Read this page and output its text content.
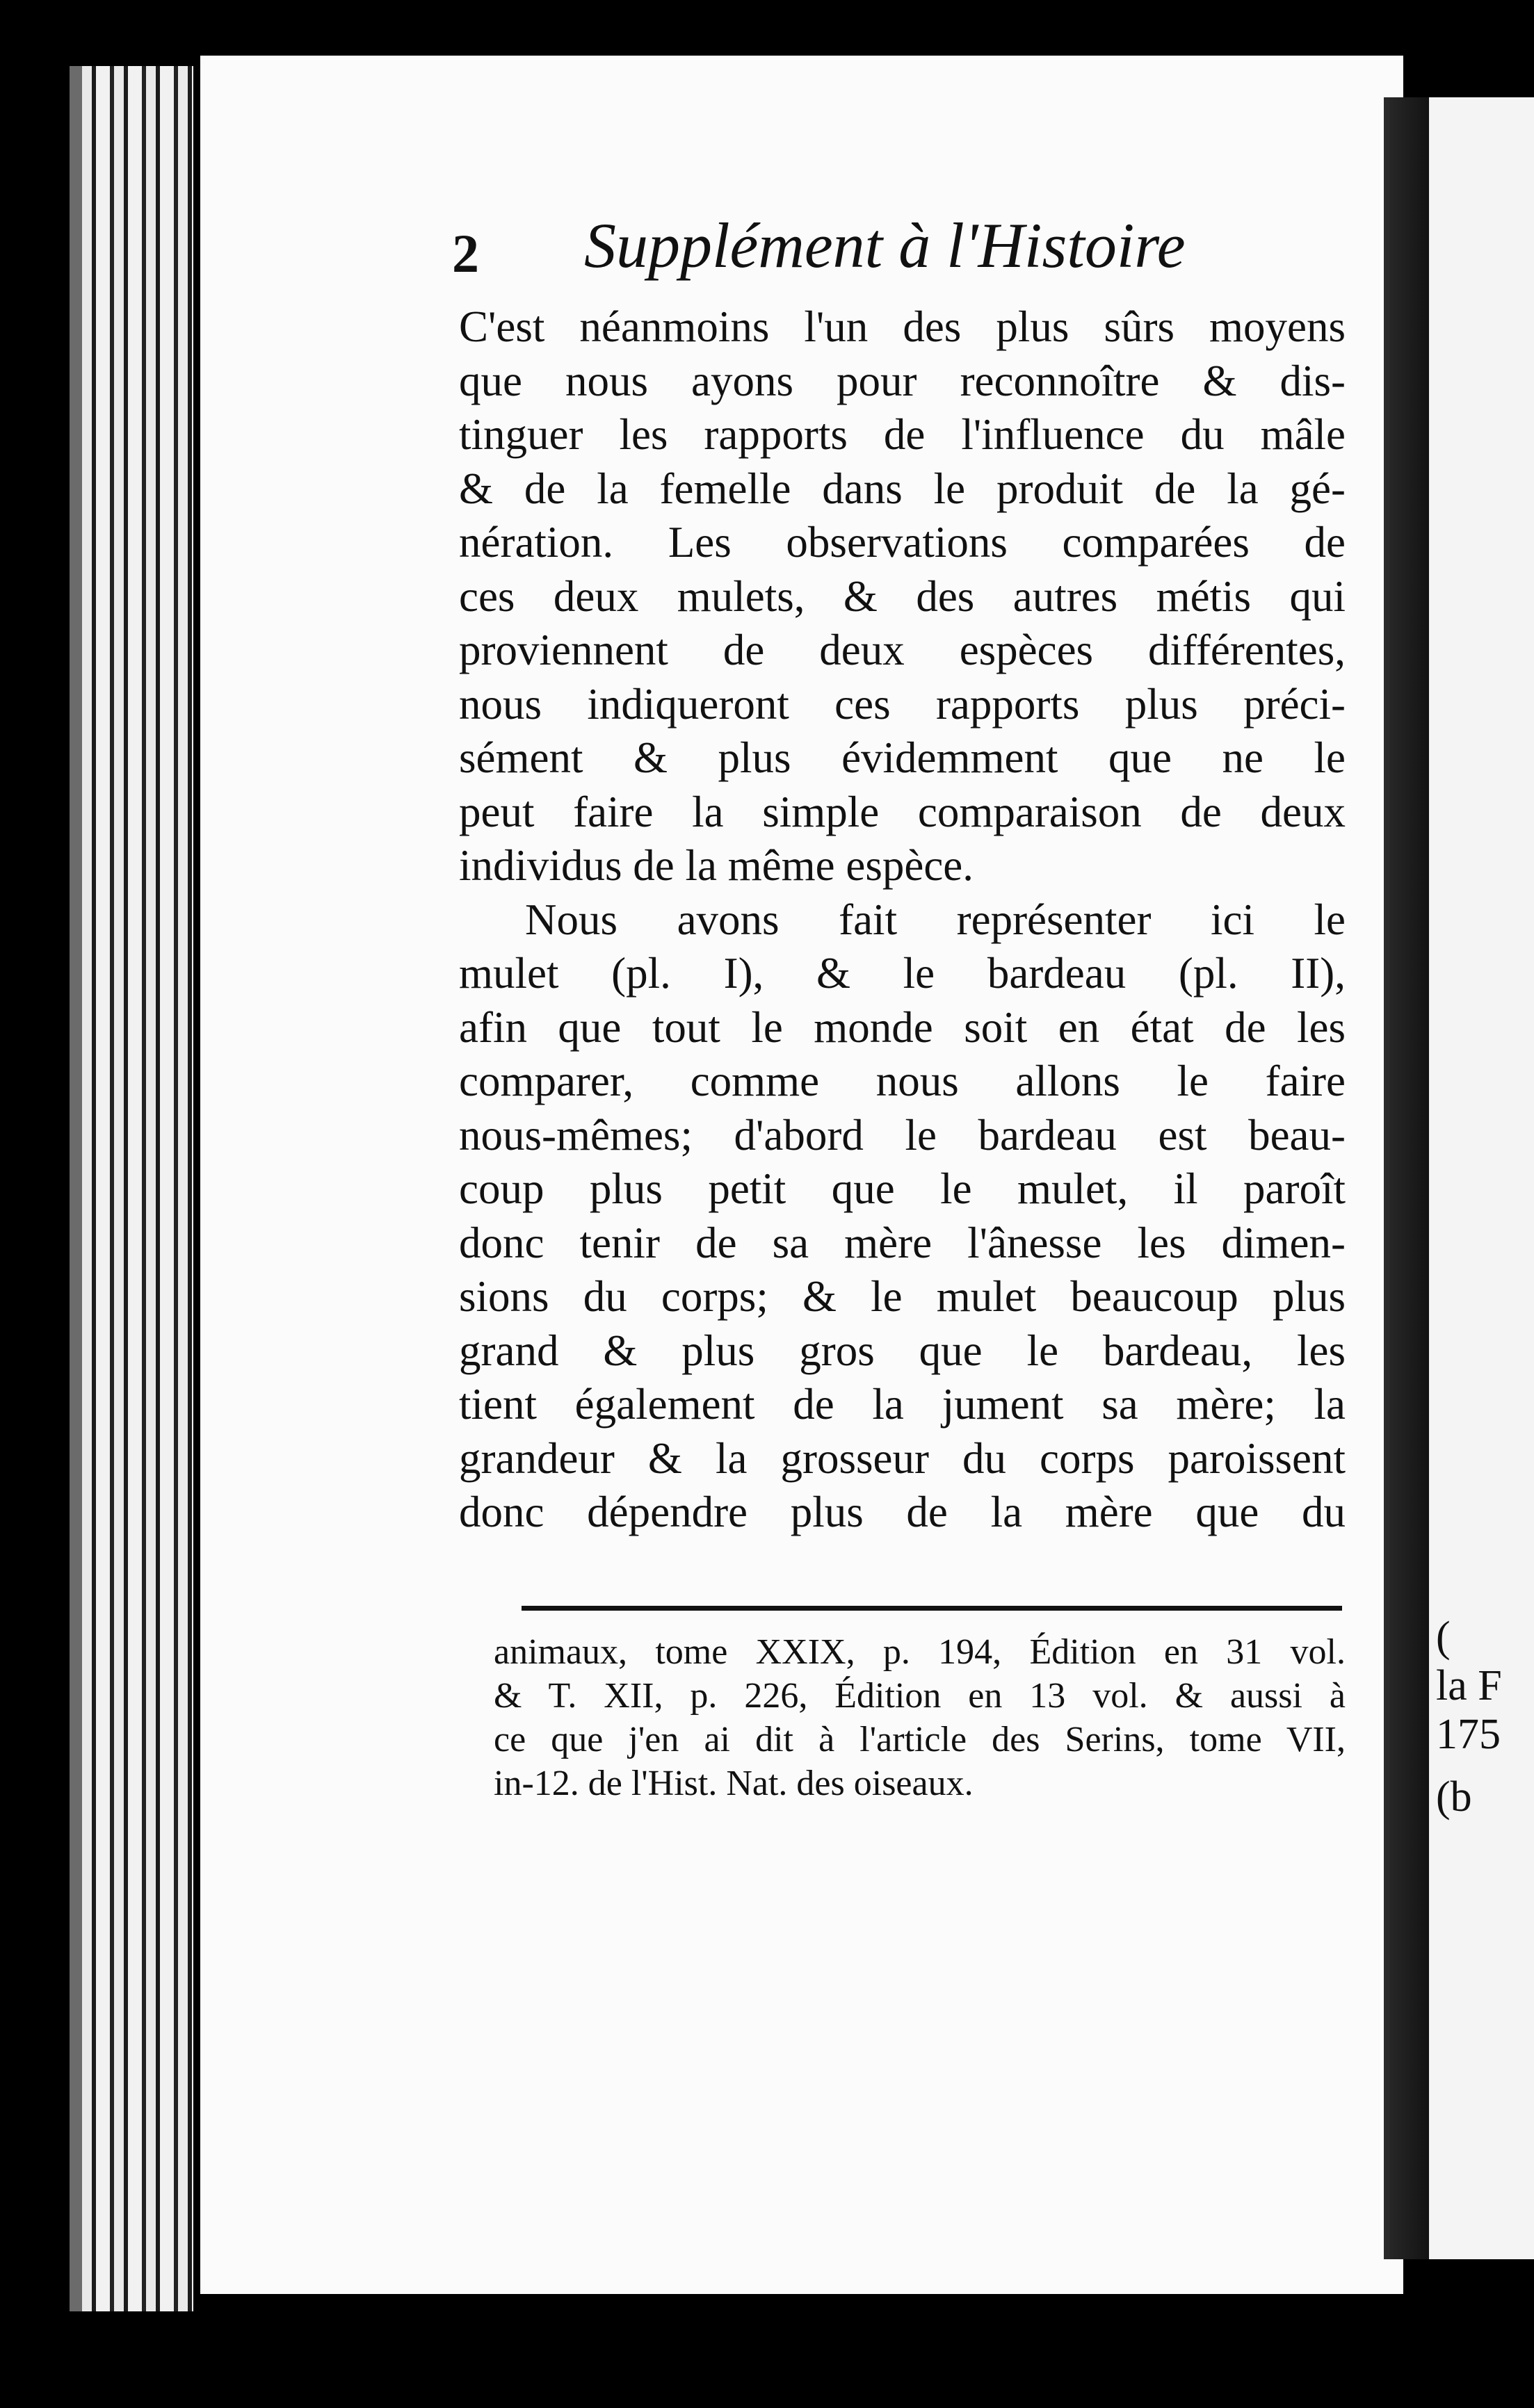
(
la F
175
(b
2 Supplément à l'Histoire
C'est néanmoins l'un des plus sûrs moyens
que nous ayons pour reconnoître & dis-
tinguer les rapports de l'influence du mâle
& de la femelle dans le produit de la gé-
nération. Les observations comparées de
ces deux mulets, & des autres métis qui
proviennent de deux espèces différentes,
nous indiqueront ces rapports plus préci-
sément & plus évidemment que ne le
peut faire la simple comparaison de deux
individus de la même espèce.
Nous avons fait représenter ici le
mulet (pl. I), & le bardeau (pl. II),
afin que tout le monde soit en état de les
comparer, comme nous allons le faire
nous-mêmes; d'abord le bardeau est beau-
coup plus petit que le mulet, il paroît
donc tenir de sa mère l'ânesse les dimen-
sions du corps; & le mulet beaucoup plus
grand & plus gros que le bardeau, les
tient également de la jument sa mère; la
grandeur & la grosseur du corps paroissent
donc dépendre plus de la mère que du
animaux, tome XXIX, p. 194, Édition en 31 vol.
& T. XII, p. 226, Édition en 13 vol. & aussi à
ce que j'en ai dit à l'article des Serins, tome VII,
in-12. de l'Hist. Nat. des oiseaux.
